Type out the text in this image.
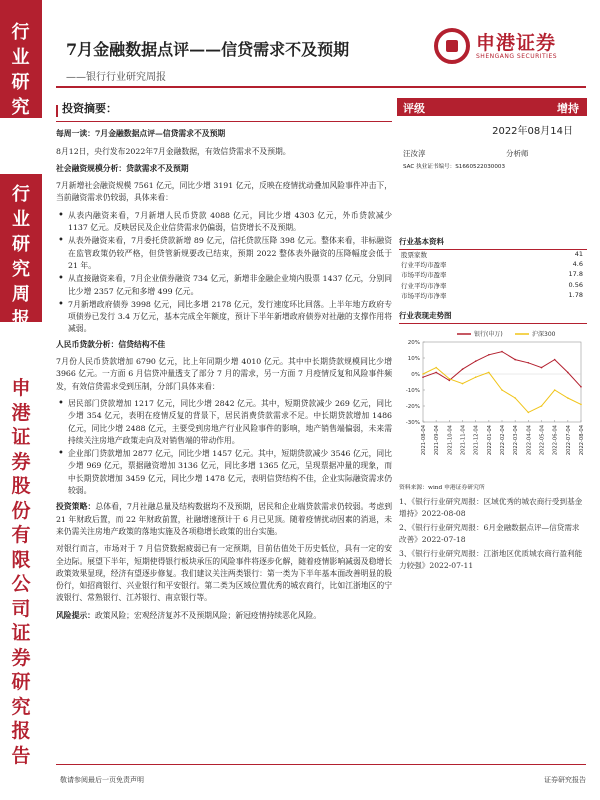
行
业
研
究
行
业
研
究
周
报
申
港
证
券
股
份
有
限
公
司
证
券
研
究
报
告
7月金融数据点评——信贷需求不及预期
——银行行业研究周报
申港证券
SHENGANG SECURITIES
投资摘要：
每周一读：7月金融数据点评—信贷需求不及预期

8月12日，央行发布2022年7月金融数据，有效信贷需求不及预期。

社会融资规模分析：贷款需求不及预期

7月新增社会融资规模 7561 亿元，同比少增 3191 亿元，反映在疫情扰动叠加风险事件冲击下，当前融资需求仍较弱，具体来看：

• 从表内融资来看，7月新增人民币贷款 4088 亿元，同比少增 4303 亿元，外币贷款减少 1137 亿元。反映居民及企业信贷需求仍偏弱，信贷增长不及预期。
• 从表外融资来看，7月委托贷款新增 89 亿元，信托贷款压降 398 亿元。整体来看，非标融资在监管政策仍较严格，但贷管新规要改已结束，预期 2022 整体表外融资的压降幅度会低于 21 年。
• 从直接融资来看，7月企业债券融资 734 亿元，新增非金融企业境内股票 1437 亿元，分别同比少增 2357 亿元和多增 499 亿元。
• 7月新增政府债券 3998 亿元，同比多增 2178 亿元，发行速度环比回落。上半年地方政府专项债券已发行 3.4 万亿元，基本完成全年额度，预计下半年新增政府债券对社融的支撑作用将减弱。
人民币贷款分析：信贷结构不佳

7月份人民币贷款增加 6790 亿元，比上年同期少增 4010 亿元。其中中长期贷款规模同比少增 3966 亿元。一方面 6 月信贷冲量透支了部分 7 月的需求，另一方面 7 月疫情反复和风险事件频发，有效信贷需求受到压制，分部门具体来看：

• 居民部门贷款增加 1217 亿元，同比少增 2842 亿元。其中，短期贷款减少 269 亿元，同比少增 354 亿元，表明在疫情反复的背景下，居民消费贷款需求不足。中长期贷款增加 1486 亿元，同比少增 2488 亿元，主要受到房地产行业风险事件的影响，地产销售端偏弱，未来需持续关注房地产政策走向及对销售端的带动作用。
• 企业部门贷款增加 2877 亿元，同比少增 1457 亿元。其中，短期贷款减少 3546 亿元，同比少增 969 亿元，票据融资增加 3136 亿元，同比多增 1365 亿元，呈现票据冲量的现象，而中长期贷款增加 3459 亿元，同比少增 1478 亿元，表明信贷结构不佳，企业实际融资需求仍较弱。

投资策略：总体看，7月社融总量及结构数据均不及预期，居民和企业端贷款需求仍较弱。考虑到 21 年财政后置，而 22 年财政前置，社融增速预计于 6 月已见顶。随着疫情扰动因素的消退，未来仍需关注房地产政策的落地实施及各项稳增长政策的出台实施。

对银行而言，市场对于 7 月信贷数据疲弱已有一定预期，目前估值处于历史低位，具有一定的安全边际。展望下半年，短期使得银行板块承压的风险事件将逐步化解，随着疫情影响减弱及稳增长政策效果显现，经济有望逐步修复。我们建议关注两类银行：第一类为下半年基本面改善明显的股份行，如招商银行、兴业银行和平安银行。第二类为区域位置优秀的城农商行，比如江浙地区的宁波银行、常熟银行、江苏银行、南京银行等。

风险提示：政策风险；宏观经济复苏不及预期风险；新冠疫情持续恶化风险。

评级	增持
2022年08月14日
汪汝淳	分析师
SAC 执业证书编号：S1660522030003
行业基本资料
股票家数	41
行业平均市盈率	4.6
市场平均市盈率	17.8
行业平均市净率	0.56
市场平均市净率	1.78
行业表现走势图
20%
10%
0%
-10%
-20%
-30%
2021-08-04 2021-09-04 2021-10-04 2021-11-04 2021-12-04 2022-01-04 2022-02-04 2022-03-04 2022-04-04 2022-05-04 2022-06-04 2022-07-04 2022-08-04
银行(申万)	沪深300
资料来源：wind 申港证券研究所
1、《银行行业研究周报：区域优秀的城农商行受到基金增持》2022-08-08
2、《银行行业研究周报：6月金融数据点评—信贷需求改善》2022-07-18
3、《银行行业研究周报：江浙地区优质城农商行盈利能力较强》2022-07-11
敬请参阅最后一页免责声明	证券研究报告
